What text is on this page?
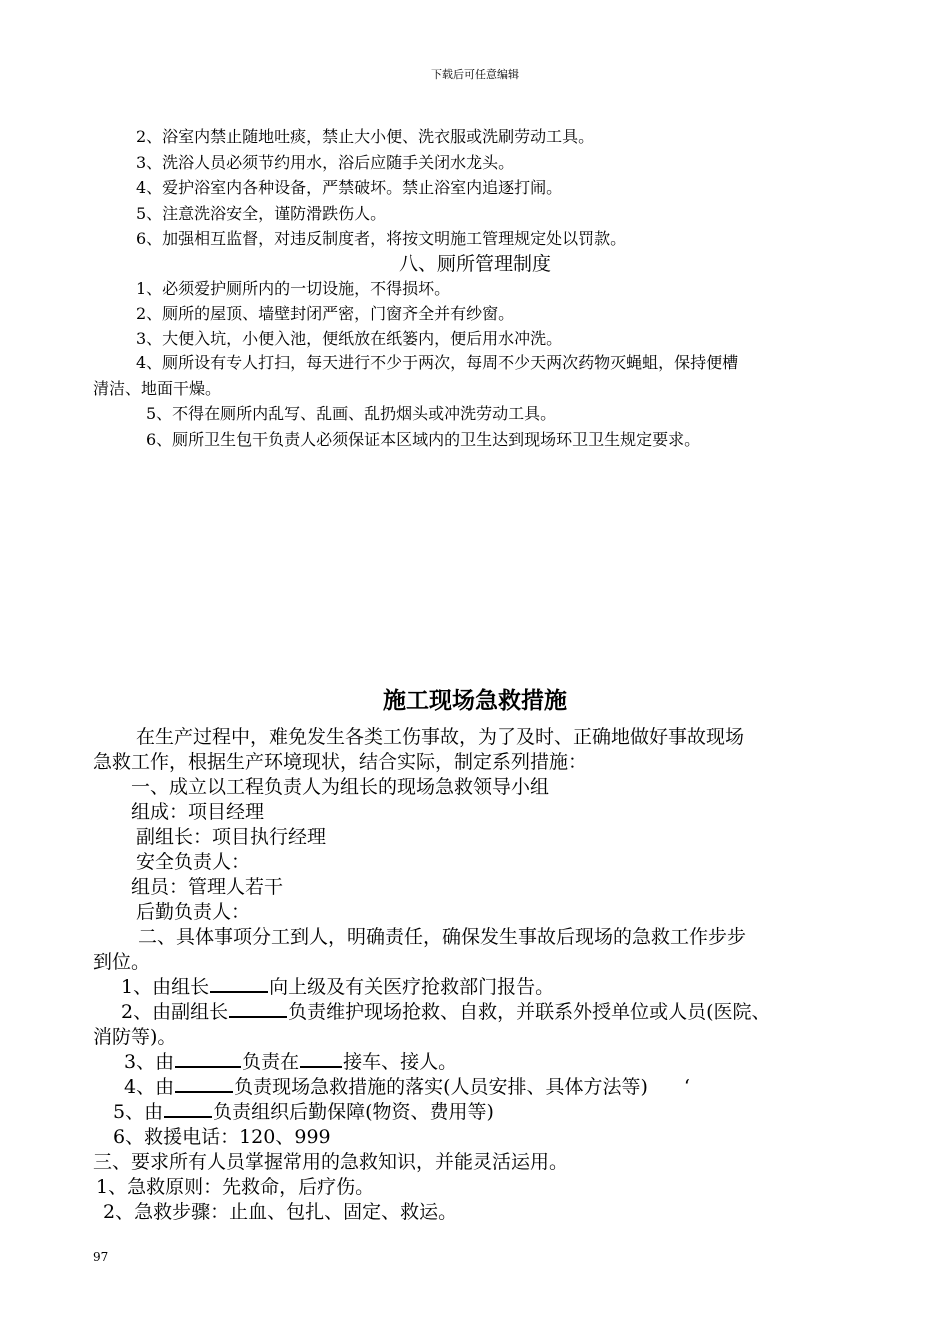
下载后可任意编辑
2、浴室内禁止随地吐痰，禁止大小便、洗衣服或洗刷劳动工具。
3、洗浴人员必须节约用水，浴后应随手关闭水龙头。
4、爱护浴室内各种设备，严禁破坏。禁止浴室内追逐打闹。
5、注意洗浴安全，谨防滑跌伤人。
6、加强相互监督，对违反制度者，将按文明施工管理规定处以罚款。
八、厕所管理制度
1、必须爱护厕所内的一切设施，不得损坏。
2、厕所的屋顶、墙壁封闭严密，门窗齐全并有纱窗。
3、大便入坑，小便入池，便纸放在纸篓内，便后用水冲洗。
4、厕所设有专人打扫，每天进行不少于两次，每周不少天两次药物灭蝇蛆，保持便槽
清洁、地面干燥。
5、不得在厕所内乱写、乱画、乱扔烟头或冲洗劳动工具。
6、厕所卫生包干负责人必须保证本区域内的卫生达到现场环卫卫生规定要求。
施工现场急救措施
在生产过程中，难免发生各类工伤事故，为了及时、正确地做好事故现场
急救工作，根据生产环境现状，结合实际，制定系列措施：
一、成立以工程负责人为组长的现场急救领导小组
组成：项目经理
副组长：项目执行经理
安全负责人：
组员：管理人若干
后勤负责人：
二、具体事项分工到人，明确责任，确保发生事故后现场的急救工作步步
到位。
1、由组长	向上级及有关医疗抢救部门报告。
2、由副组长	负责维护现场抢救、自救，并联系外授单位或人员(医院、
消防等)。
3、由	负责在 接车、接人。
4、由	负责现场急救措施的落实(人员安排、具体方法等) ‘
5、由	负责组织后勤保障(物资、费用等)
6、救援电话：120、999
三、要求所有人员掌握常用的急救知识，并能灵活运用。
1、急救原则：先救命，后疗伤。
2、急救步骤：止血、包扎、固定、救运。
97
